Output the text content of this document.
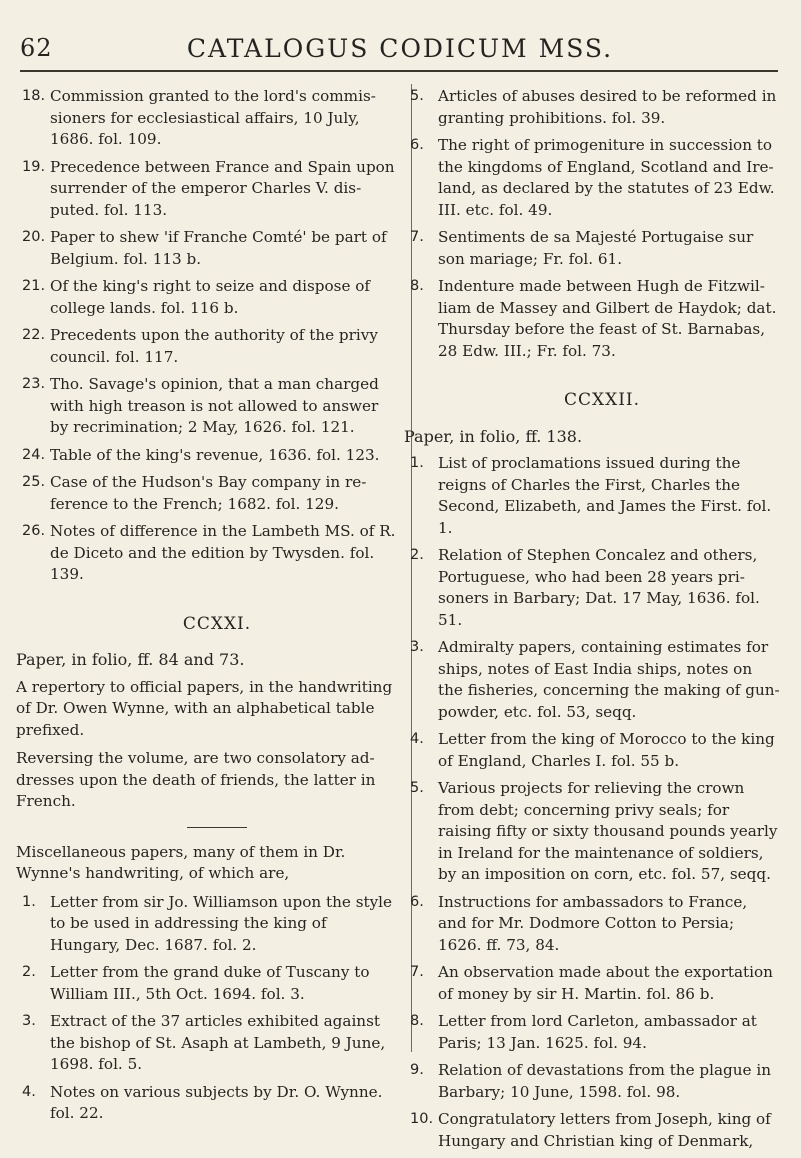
62	CATALOGUS CODICUM MSS.
18. Commission granted to the lord's commissioners for ecclesiastical affairs, 10 July, 1686. fol. 109.
19. Precedence between France and Spain upon surrender of the emperor Charles V. disputed. fol. 113.
20. Paper to shew 'if Franche Comté' be part of Belgium. fol. 113 b.
21. Of the king's right to seize and dispose of college lands. fol. 116 b.
22. Precedents upon the authority of the privy council. fol. 117.
23. Tho. Savage's opinion, that a man charged with high treason is not allowed to answer by recrimination; 2 May, 1626. fol. 121.
24. Table of the king's revenue, 1636. fol. 123.
25. Case of the Hudson's Bay company in reference to the French; 1682. fol. 129.
26. Notes of difference in the Lambeth MS. of R. de Diceto and the edition by Twysden. fol. 139.
CCXXI.
Paper, in folio, ff. 84 and 73.
A repertory to official papers, in the handwriting of Dr. Owen Wynne, with an alphabetical table prefixed.
Reversing the volume, are two consolatory addresses upon the death of friends, the latter in French.
Miscellaneous papers, many of them in Dr. Wynne's handwriting, of which are,
1. Letter from sir Jo. Williamson upon the style to be used in addressing the king of Hungary, Dec. 1687. fol. 2.
2. Letter from the grand duke of Tuscany to William III., 5th Oct. 1694. fol. 3.
3. Extract of the 37 articles exhibited against the bishop of St. Asaph at Lambeth, 9 June, 1698. fol. 5.
4. Notes on various subjects by Dr. O. Wynne. fol. 22.
5. Articles of abuses desired to be reformed in granting prohibitions. fol. 39.
6. The right of primogeniture in succession to the kingdoms of England, Scotland and Ireland, as declared by the statutes of 23 Edw. III. etc. fol. 49.
7. Sentiments de sa Majesté Portugaise sur son mariage; Fr. fol. 61.
8. Indenture made between Hugh de Fitzwilliam de Massey and Gilbert de Haydok; dat. Thursday before the feast of St. Barnabas, 28 Edw. III.; Fr. fol. 73.
CCXXII.
Paper, in folio, ff. 138.
1. List of proclamations issued during the reigns of Charles the First, Charles the Second, Elizabeth, and James the First. fol. 1.
2. Relation of Stephen Concalez and others, Portuguese, who had been 28 years prisoners in Barbary; Dat. 17 May, 1636. fol. 51.
3. Admiralty papers, containing estimates for ships, notes of East India ships, notes on the fisheries, concerning the making of gunpowder, etc. fol. 53, seqq.
4. Letter from the king of Morocco to the king of England, Charles I. fol. 55 b.
5. Various projects for relieving the crown from debt; concerning privy seals; for raising fifty or sixty thousand pounds yearly in Ireland for the maintenance of soldiers, by an imposition on corn, etc. fol. 57, seqq.
6. Instructions for ambassadors to France, and for Mr. Dodmore Cotton to Persia; 1626. ff. 73, 84.
7. An observation made about the exportation of money by sir H. Martin. fol. 86 b.
8. Letter from lord Carleton, ambassador at Paris; 13 Jan. 1625. fol. 94.
9. Relation of devastations from the plague in Barbary; 10 June, 1598. fol. 98.
10. Congratulatory letters from Joseph, king of Hungary and Christian king of Denmark,
